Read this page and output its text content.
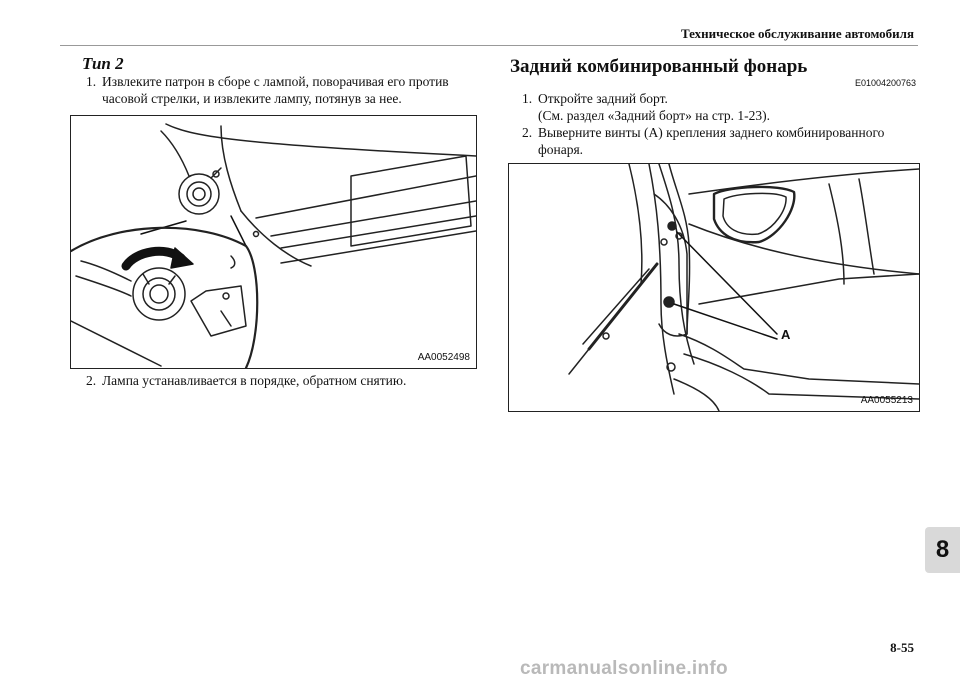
Техническое обслуживание автомобиля
Тип 2
1. Извлеките патрон в сборе с лампой, поворачивая его против
часовой стрелки, и извлеките лампу, потянув за нее.
AA0052498
2. Лампа устанавливается в порядке, обратном снятию.
Задний комбинированный фонарь
E01004200763
1. Откройте задний борт.
(См. раздел «Задний борт» на стр. 1-23).
2. Выверните винты (A) крепления заднего комбинированного
фонаря.
A
AA0055213
8
8-55
carmanualsonline.info
